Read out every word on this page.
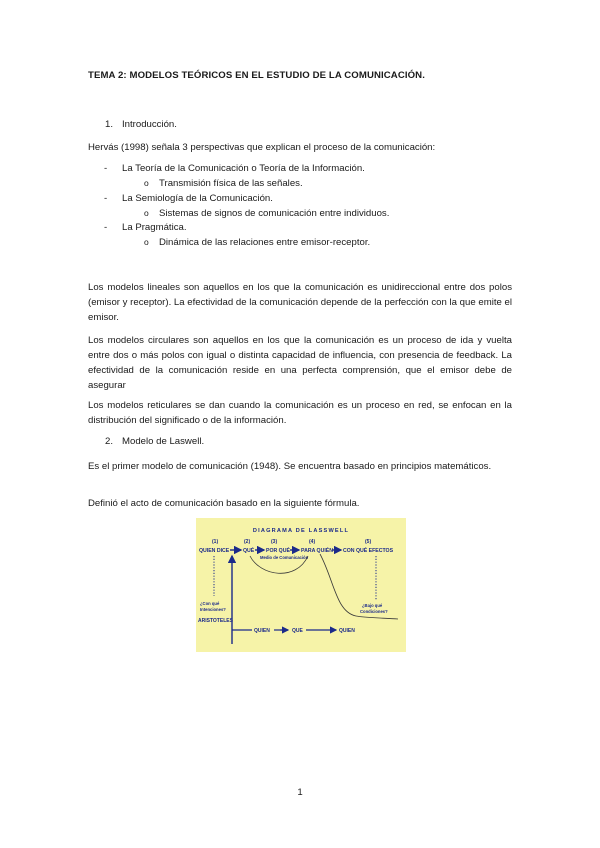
TEMA 2: MODELOS TEÓRICOS EN EL ESTUDIO DE LA COMUNICACIÓN.
1. Introducción.

Hervás (1998) señala 3 perspectivas que explican el proceso de la comunicación:

- La Teoría de la Comunicación o Teoría de la Información.
o Transmisión física de las señales.
- La Semiología de la Comunicación.
o Sistemas de signos de comunicación entre individuos.
- La Pragmática.
o Dinámica de las relaciones entre emisor-receptor.

Los modelos lineales son aquellos en los que la comunicación es unidireccional entre dos polos (emisor y receptor). La efectividad de la comunicación depende de la perfección con la que emite el emisor.

Los modelos circulares son aquellos en los que la comunicación es un proceso de ida y vuelta entre dos o más polos con igual o distinta capacidad de influencia, con presencia de feedback. La efectividad de la comunicación reside en una perfecta comprensión, que el emisor debe de asegurar

Los modelos reticulares se dan cuando la comunicación es un proceso en red, se enfocan en la distribución del significado o de la información.

2. Modelo de Laswell.

Es el primer modelo de comunicación (1948). Se encuentra basado en principios matemáticos.

Definió el acto de comunicación basado en la siguiente fórmula.

DIAGRAMA DE LASSWELL
(1)	(2)	(3)	(4)	(5)
QUIEN DICE	QUÉ POR QUÉ PARA QUIÉN CON QUÉ EFECTOS
Medio de Comunicación
¿Con qué
Intenciones?
¿Bajo qué
Condiciones?
ARISTOTELES
QUIEN	QUE	QUIEN
1
